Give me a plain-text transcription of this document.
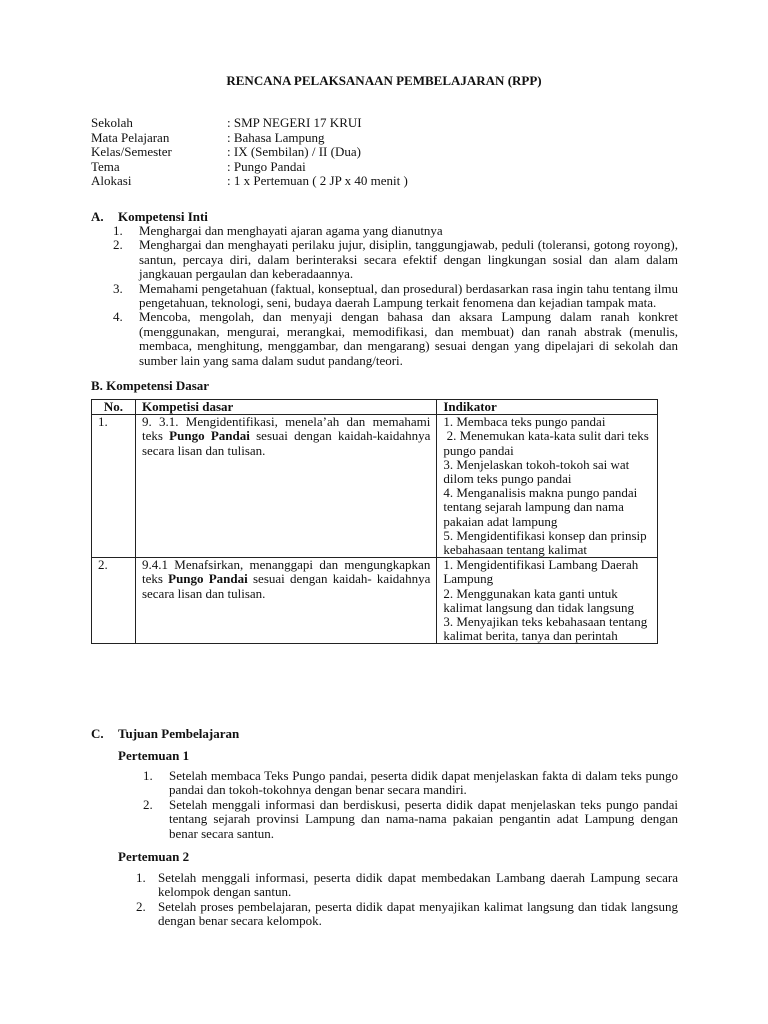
RENCANA PELAKSANAAN PEMBELAJARAN (RPP)
Sekolah	: SMP NEGERI 17 KRUI
Mata Pelajaran	: Bahasa Lampung
Kelas/Semester	: IX (Sembilan) / II (Dua)
Tema	: Pungo Pandai
Alokasi	: 1 x Pertemuan ( 2 JP x 40 menit )
A. Kompetensi Inti
1. Menghargai dan menghayati ajaran agama yang dianutnya
2. Menghargai dan menghayati perilaku jujur, disiplin, tanggungjawab, peduli (toleransi, gotong royong), santun, percaya diri, dalam berinteraksi secara efektif dengan lingkungan sosial dan alam dalam jangkauan pergaulan dan keberadaannya.
3. Memahami pengetahuan (faktual, konseptual, dan prosedural) berdasarkan rasa ingin tahu tentang ilmu pengetahuan, teknologi, seni, budaya daerah Lampung terkait fenomena dan kejadian tampak mata.
4. Mencoba, mengolah, dan menyaji dengan bahasa dan aksara Lampung dalam ranah konkret (menggunakan, mengurai, merangkai, memodifikasi, dan membuat) dan ranah abstrak (menulis, membaca, menghitung, menggambar, dan mengarang) sesuai dengan yang dipelajari di sekolah dan sumber lain yang sama dalam sudut pandang/teori.
B. Kompetensi Dasar
No.	Kompetisi dasar	Indikator
1.	9. 3.1. Mengidentifikasi, menela’ah dan memahami teks Pungo Pandai sesuai dengan kaidah-kaidahnya secara lisan dan tulisan.	1. Membaca teks pungo pandai
2. Menemukan kata-kata sulit dari teks pungo pandai
3. Menjelaskan tokoh-tokoh sai wat dilom teks pungo pandai
4. Menganalisis makna pungo pandai tentang sejarah lampung dan nama pakaian adat lampung
5. Mengidentifikasi konsep dan prinsip kebahasaan tentang kalimat

2.	9.4.1 Menafsirkan, menanggapi dan mengungkapkan teks Pungo Pandai sesuai dengan kaidah- kaidahnya secara lisan dan tulisan.	1. Mengidentifikasi Lambang Daerah Lampung
2. Menggunakan kata ganti untuk kalimat langsung dan tidak langsung
3. Menyajikan teks kebahasaan tentang kalimat berita, tanya dan perintah
C. Tujuan Pembelajaran
Pertemuan 1
1. Setelah membaca Teks Pungo pandai, peserta didik dapat menjelaskan fakta di dalam teks pungo pandai dan tokoh-tokohnya dengan benar secara mandiri.
2. Setelah menggali informasi dan berdiskusi, peserta didik dapat menjelaskan teks pungo pandai tentang sejarah provinsi Lampung dan nama-nama pakaian pengantin adat Lampung dengan benar secara santun.
Pertemuan 2
1. Setelah menggali informasi, peserta didik dapat membedakan Lambang daerah Lampung secara kelompok dengan santun.
2. Setelah proses pembelajaran, peserta didik dapat menyajikan kalimat langsung dan tidak langsung dengan benar secara kelompok.
